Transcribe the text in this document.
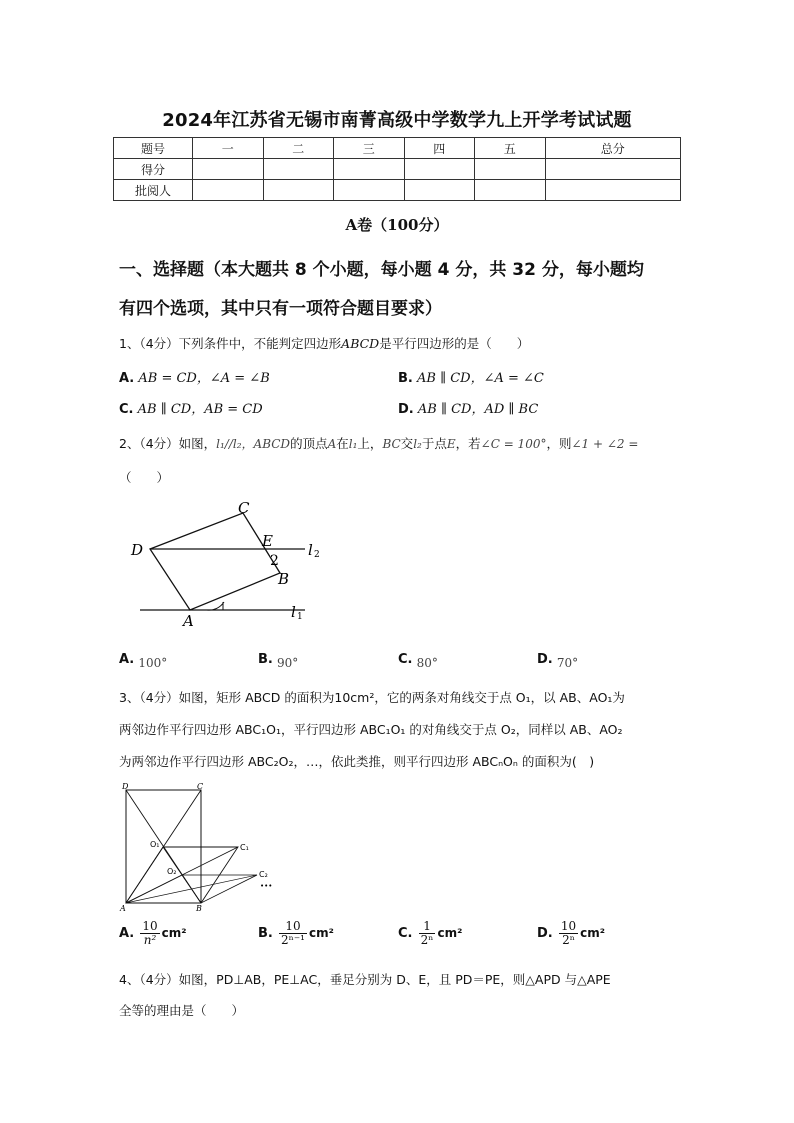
2024年江苏省无锡市南菁高级中学数学九上开学考试试题
题号	一	二	三	四	五	总分
得分						
批阅人						
A卷（100分）
一、选择题（本大题共 8 个小题，每小题 4 分，共 32 分，每小题均
有四个选项，其中只有一项符合题目要求）
1、（4分）下列条件中，不能判定四边形ABCD是平行四边形的是（　　）
A. AB = CD，∠A = ∠B	B. AB ∥ CD，∠A = ∠C
C. AB ∥ CD，AB = CD	D. AB ∥ CD，AD ∥ BC
2、（4分）如图，l₁//l₂，ABCD的顶点A在l₁上，BC交l₂于点E，若∠C = 100°，则∠1 + ∠2 =
（　　）
C
D	E
2
B
A
l 2
l 1
A. 100°	B. 90°	C. 80°	D. 70°
3、（4分）如图，矩形 ABCD 的面积为10cm²，它的两条对角线交于点 O₁，以 AB、AO₁为
两邻边作平行四边形 ABC₁O₁，平行四边形 ABC₁O₁ 的对角线交于点 O₂，同样以 AB、AO₂
为两邻边作平行四边形 ABC₂O₂，…，依此类推，则平行四边形 ABCₙOₙ 的面积为(　)
D	C
O₁	C₁
O₂	C₂
•••
A	B
A. $\frac{10}{\text{n²}} cm^2$	B. $\frac{10}{\text{2ⁿ⁻¹}} cm^2$	C. $\frac{1}{\text{2ⁿ}} cm^2$	D. $\frac{10}{\text{2ⁿ}} cm^2$
4、（4分）如图，PD⊥AB，PE⊥AC，垂足分别为 D、E，且 PD＝PE，则△APD 与△APE
全等的理由是（　　）
